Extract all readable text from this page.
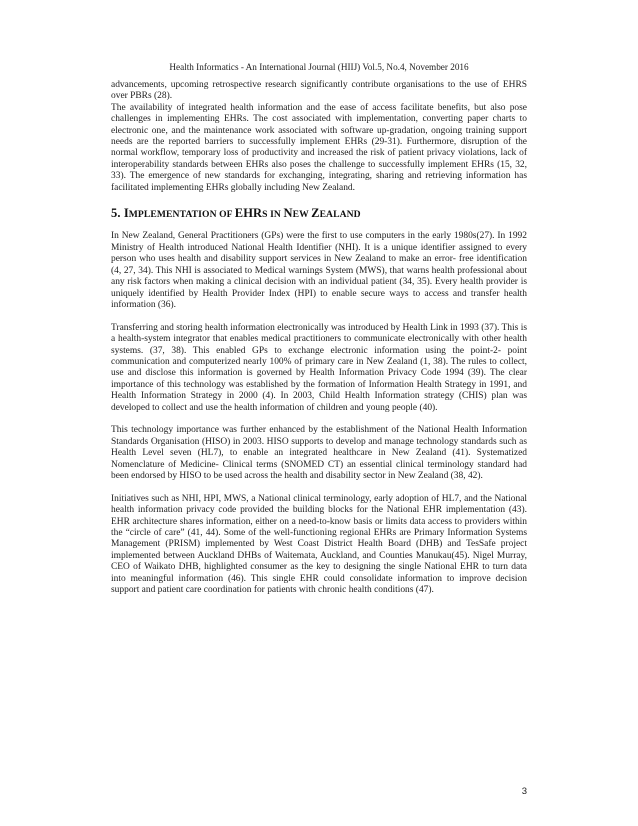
Health Informatics - An International Journal (HIIJ) Vol.5, No.4, November 2016

advancements, upcoming retrospective research significantly contribute organisations to the use of EHRS over PBRs (28).

The availability of integrated health information and the ease of access facilitate benefits, but also pose challenges in implementing EHRs. The cost associated with implementation, converting paper charts to electronic one, and the maintenance work associated with software up-gradation, ongoing training support needs are the reported barriers to successfully implement EHRs (29-31). Furthermore, disruption of the normal workflow, temporary loss of productivity and increased the risk of patient privacy violations, lack of interoperability standards between EHRs also poses the challenge to successfully implement EHRs (15, 32, 33). The emergence of new standards for exchanging, integrating, sharing and retrieving information has facilitated implementing EHRs globally including New Zealand.

5. IMPLEMENTATION OF EHRS IN NEW ZEALAND

In New Zealand, General Practitioners (GPs) were the first to use computers in the early 1980s(27). In 1992 Ministry of Health introduced National Health Identifier (NHI). It is a unique identifier assigned to every person who uses health and disability support services in New Zealand to make an error- free identification (4, 27, 34). This NHI is associated to Medical warnings System (MWS), that warns health professional about any risk factors when making a clinical decision with an individual patient (34, 35). Every health provider is uniquely identified by Health Provider Index (HPI) to enable secure ways to access and transfer health information (36).

Transferring and storing health information electronically was introduced by Health Link in 1993 (37). This is a health-system integrator that enables medical practitioners to communicate electronically with other health systems. (37, 38). This enabled GPs to exchange electronic information using the point-2- point communication and computerized nearly 100% of primary care in New Zealand (1, 38). The rules to collect, use and disclose this information is governed by Health Information Privacy Code 1994 (39). The clear importance of this technology was established by the formation of Information Health Strategy in 1991, and Health Information Strategy in 2000 (4). In 2003, Child Health Information strategy (CHIS) plan was developed to collect and use the health information of children and young people (40).

This technology importance was further enhanced by the establishment of the National Health Information Standards Organisation (HISO) in 2003. HISO supports to develop and manage technology standards such as Health Level seven (HL7), to enable an integrated healthcare in New Zealand (41). Systematized Nomenclature of Medicine- Clinical terms (SNOMED CT) an essential clinical terminology standard had been endorsed by HISO to be used across the health and disability sector in New Zealand (38, 42).

Initiatives such as NHI, HPI, MWS, a National clinical terminology, early adoption of HL7, and the National health information privacy code provided the building blocks for the National EHR implementation (43). EHR architecture shares information, either on a need-to-know basis or limits data access to providers within the “circle of care” (41, 44). Some of the well-functioning regional EHRs are Primary Information Systems Management (PRISM) implemented by West Coast District Health Board (DHB) and TesSafe project implemented between Auckland DHBs of Waitemata, Auckland, and Counties Manukau(45). Nigel Murray, CEO of Waikato DHB, highlighted consumer as the key to designing the single National EHR to turn data into meaningful information (46). This single EHR could consolidate information to improve decision support and patient care coordination for patients with chronic health conditions (47).

3
